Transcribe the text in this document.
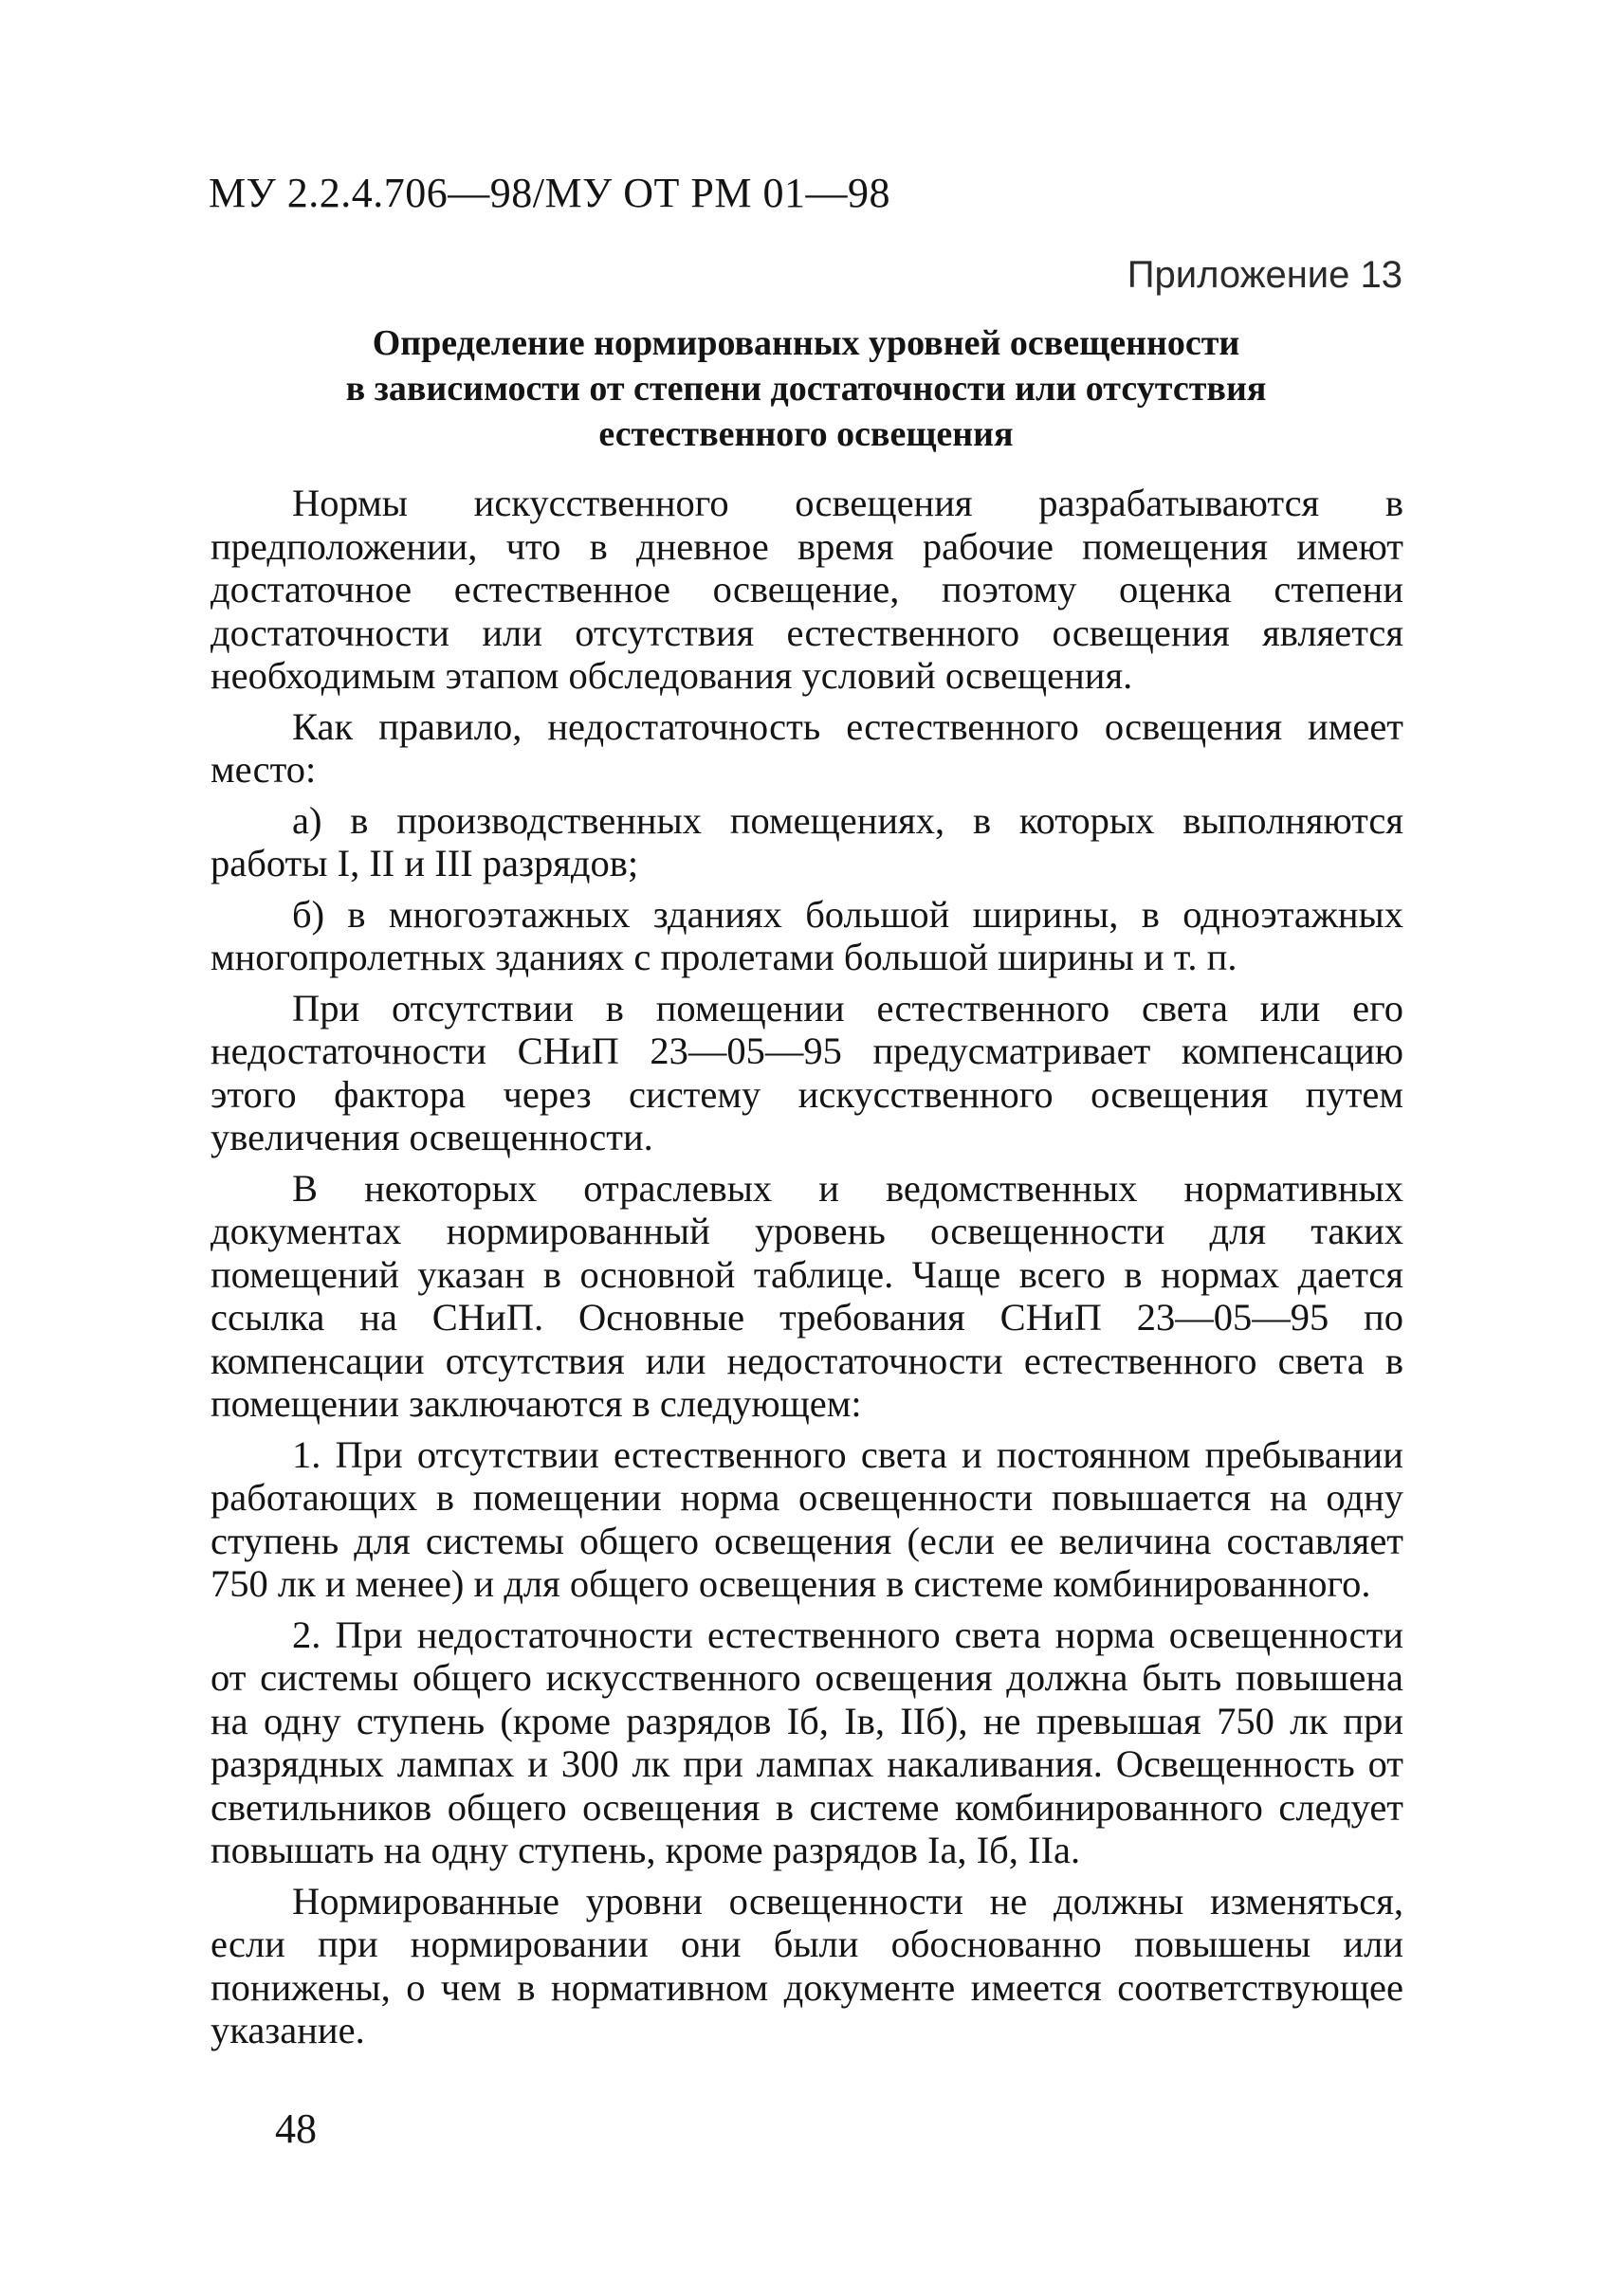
МУ 2.2.4.706—98/МУ ОТ РМ 01—98
Приложение 13
Определение нормированных уровней освещенности
в зависимости от степени достаточности или отсутствия
естественного освещения

Нормы искусственного освещения разрабатываются в предположении, что в дневное время рабочие помещения имеют достаточное естественное освещение, поэтому оценка степени достаточности или отсутствия естественного освещения является необходимым этапом обследования условий освещения.

Как правило, недостаточность естественного освещения имеет место:

а) в производственных помещениях, в которых выполняются работы I, II и III разрядов;

б) в многоэтажных зданиях большой ширины, в одноэтажных многопролетных зданиях с пролетами большой ширины и т. п.

При отсутствии в помещении естественного света или его недостаточности СНиП 23—05—95 предусматривает компенсацию этого фактора через систему искусственного освещения путем увеличения освещенности.

В некоторых отраслевых и ведомственных нормативных документах нормированный уровень освещенности для таких помещений указан в основной таблице. Чаще всего в нормах дается ссылка на СНиП. Основные требования СНиП 23—05—95 по компенсации отсутствия или недостаточности естественного света в помещении заключаются в следующем:

1. При отсутствии естественного света и постоянном пребывании работающих в помещении норма освещенности повышается на одну ступень для системы общего освещения (если ее величина составляет 750 лк и менее) и для общего освещения в системе комбинированного.

2. При недостаточности естественного света норма освещенности от системы общего искусственного освещения должна быть повышена на одну ступень (кроме разрядов Iб, Iв, IIб), не превышая 750 лк при разрядных лампах и 300 лк при лампах накаливания. Освещенность от светильников общего освещения в системе комбинированного следует повышать на одну ступень, кроме разрядов Iа, Iб, IIа.

Нормированные уровни освещенности не должны изменяться, если при нормировании они были обоснованно повышены или понижены, о чем в нормативном документе имеется соответствующее указание.

48
